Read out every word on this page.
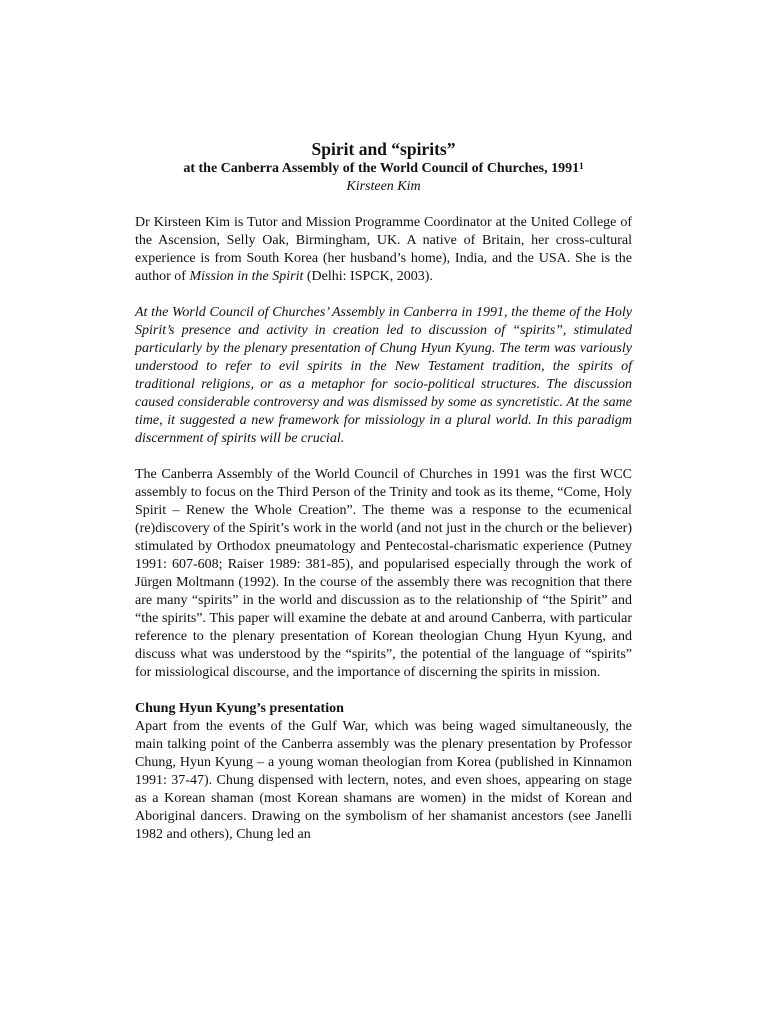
Spirit and “spirits”
at the Canberra Assembly of the World Council of Churches, 1991$^1$
Kirsteen Kim

Dr Kirsteen Kim is Tutor and Mission Programme Coordinator at the United College of the Ascension, Selly Oak, Birmingham, UK. A native of Britain, her cross-cultural experience is from South Korea (her husband’s home), India, and the USA. She is the author of Mission in the Spirit (Delhi: ISPCK, 2003).

At the World Council of Churches’ Assembly in Canberra in 1991, the theme of the Holy Spirit’s presence and activity in creation led to discussion of “spirits”, stimulated particularly by the plenary presentation of Chung Hyun Kyung. The term was variously understood to refer to evil spirits in the New Testament tradition, the spirits of traditional religions, or as a metaphor for socio-political structures. The discussion caused considerable controversy and was dismissed by some as syncretistic. At the same time, it suggested a new framework for missiology in a plural world. In this paradigm discernment of spirits will be crucial.

The Canberra Assembly of the World Council of Churches in 1991 was the first WCC assembly to focus on the Third Person of the Trinity and took as its theme, “Come, Holy Spirit – Renew the Whole Creation”. The theme was a response to the ecumenical (re)discovery of the Spirit’s work in the world (and not just in the church or the believer) stimulated by Orthodox pneumatology and Pentecostal-charismatic experience (Putney 1991: 607-608; Raiser 1989: 381-85), and popularised especially through the work of Jürgen Moltmann (1992). In the course of the assembly there was recognition that there are many “spirits” in the world and discussion as to the relationship of “the Spirit” and “the spirits”. This paper will examine the debate at and around Canberra, with particular reference to the plenary presentation of Korean theologian Chung Hyun Kyung, and discuss what was understood by the “spirits”, the potential of the language of “spirits” for missiological discourse, and the importance of discerning the spirits in mission.

Chung Hyun Kyung’s presentation

Apart from the events of the Gulf War, which was being waged simultaneously, the main talking point of the Canberra assembly was the plenary presentation by Professor Chung, Hyun Kyung – a young woman theologian from Korea (published in Kinnamon 1991: 37-47). Chung dispensed with lectern, notes, and even shoes, appearing on stage as a Korean shaman (most Korean shamans are women) in the midst of Korean and Aboriginal dancers. Drawing on the symbolism of her shamanist ancestors (see Janelli 1982 and others), Chung led an
